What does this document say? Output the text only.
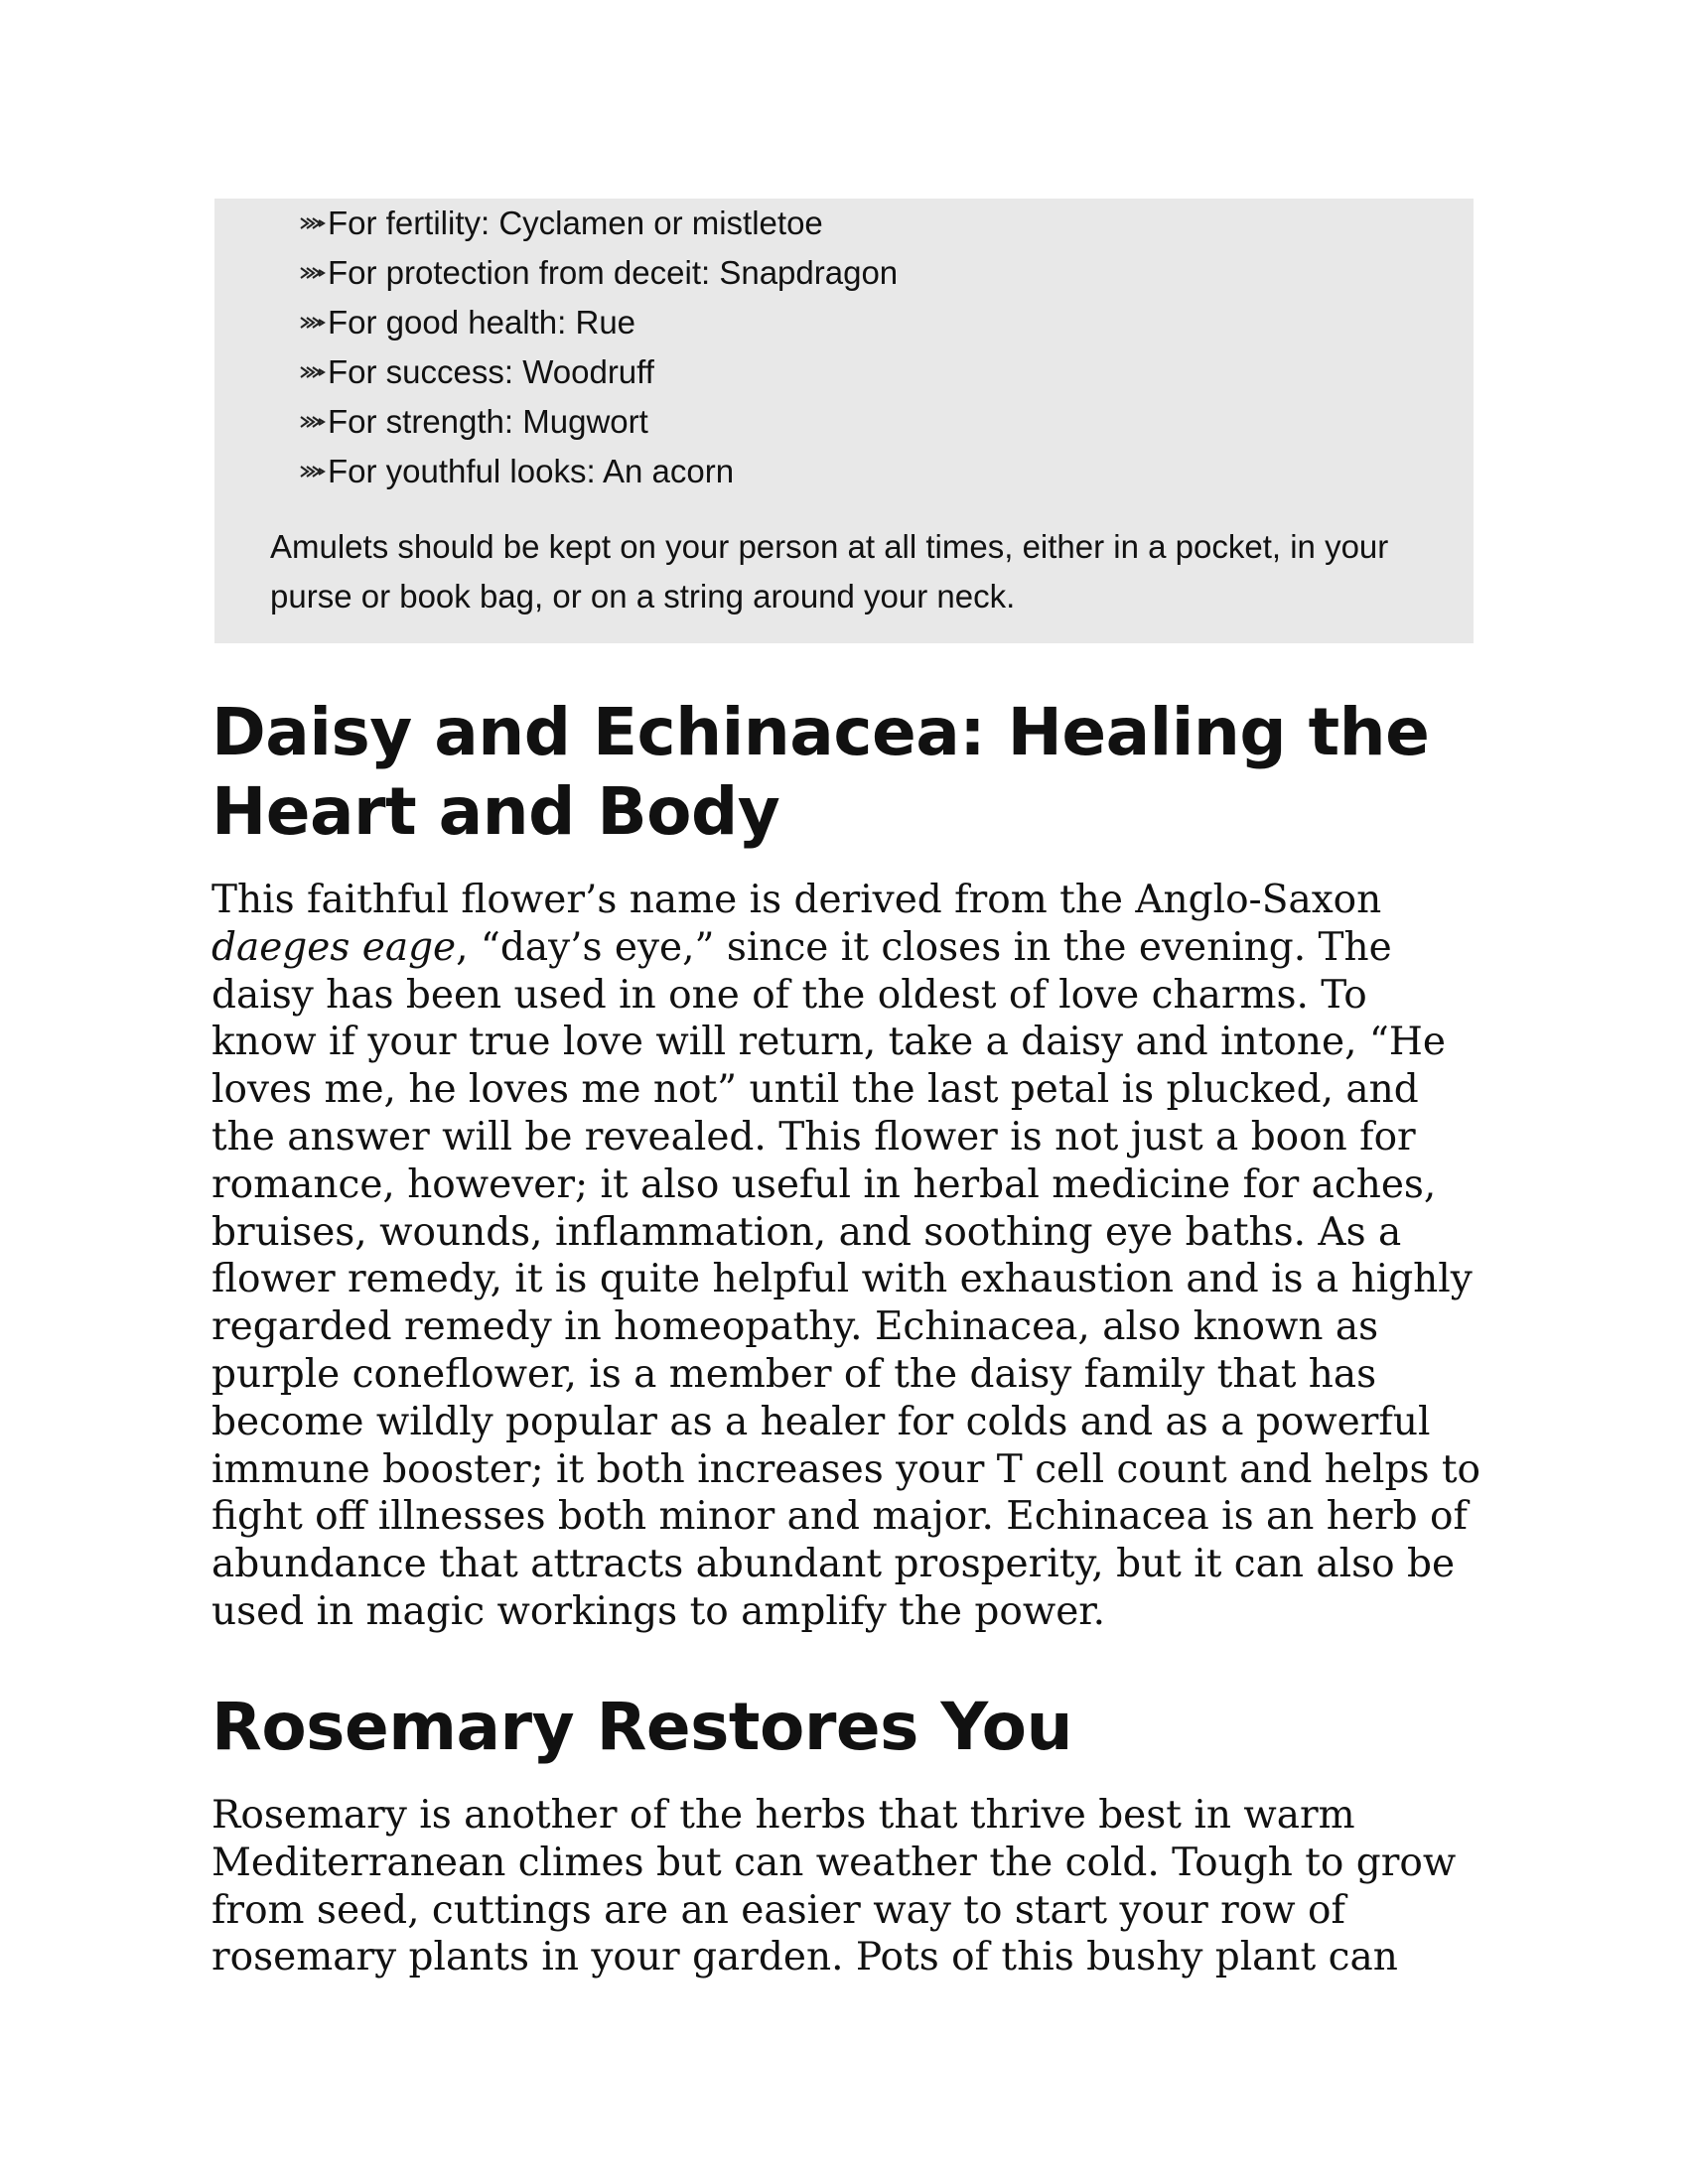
For fertility: Cyclamen or mistletoe
For protection from deceit: Snapdragon
For good health: Rue
For success: Woodruff
For strength: Mugwort
For youthful looks: An acorn

Amulets should be kept on your person at all times, either in a pocket, in your purse or book bag, or on a string around your neck.

Daisy and Echinacea: Healing the Heart and Body

This faithful flower’s name is derived from the Anglo-Saxon daeges eage, “day’s eye,” since it closes in the evening. The daisy has been used in one of the oldest of love charms. To know if your true love will return, take a daisy and intone, “He loves me, he loves me not” until the last petal is plucked, and the answer will be revealed. This flower is not just a boon for romance, however; it also useful in herbal medicine for aches, bruises, wounds, inflammation, and soothing eye baths. As a flower remedy, it is quite helpful with exhaustion and is a highly regarded remedy in homeopathy. Echinacea, also known as purple coneflower, is a member of the daisy family that has become wildly popular as a healer for colds and as a powerful immune booster; it both increases your T cell count and helps to fight off illnesses both minor and major. Echinacea is an herb of abundance that attracts abundant prosperity, but it can also be used in magic workings to amplify the power.

Rosemary Restores You

Rosemary is another of the herbs that thrive best in warm Mediterranean climes but can weather the cold. Tough to grow from seed, cuttings are an easier way to start your row of rosemary plants in your garden. Pots of this bushy plant can
